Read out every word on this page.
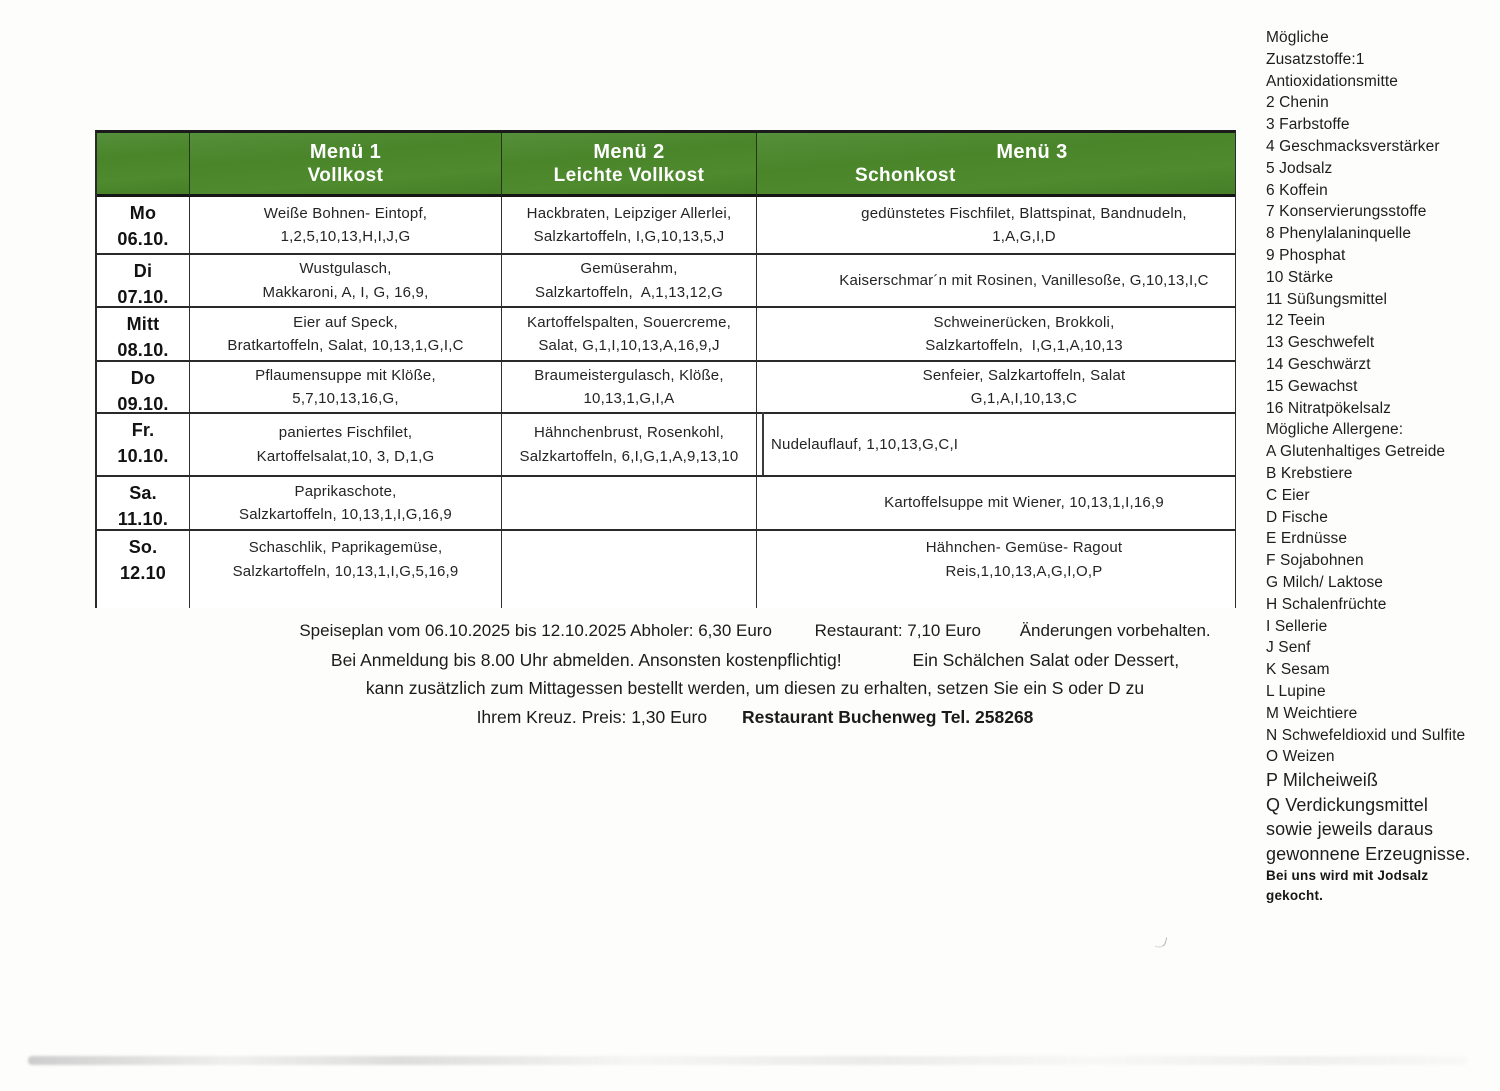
Menü 1
Vollkost
Menü 2
Leichte Vollkost
Menü 3
Schonkost
Mo
06.10.
Weiße Bohnen- Eintopf,
1,2,5,10,13,H,I,J,G
Hackbraten, Leipziger Allerlei,
Salzkartoffeln, I,G,10,13,5,J
gedünstetes Fischfilet, Blattspinat, Bandnudeln,
1,A,G,I,D
Di
07.10.
Wustgulasch,
Makkaroni, A, I, G, 16,9,
Gemüserahm,
Salzkartoffeln,  A,1,13,12,G
Kaiserschmar´n mit Rosinen, Vanillesoße, G,10,13,I,C
Mitt
08.10.
Eier auf Speck,
Bratkartoffeln, Salat, 10,13,1,G,I,C
Kartoffelspalten, Souercreme,
Salat, G,1,I,10,13,A,16,9,J
Schweinerücken, Brokkoli,
Salzkartoffeln,  I,G,1,A,10,13
Do
09.10.
Pflaumensuppe mit Klöße,
5,7,10,13,16,G,
Braumeistergulasch, Klöße,
10,13,1,G,I,A
Senfeier, Salzkartoffeln, Salat
G,1,A,I,10,13,C
Fr.
10.10.
paniertes Fischfilet,
Kartoffelsalat,10, 3, D,1,G
Hähnchenbrust, Rosenkohl,
Salzkartoffeln, 6,I,G,1,A,9,13,10
Nudelauflauf, 1,10,13,G,C,I
Sa.
11.10.
Paprikaschote,
Salzkartoffeln, 10,13,1,I,G,16,9
Kartoffelsuppe mit Wiener, 10,13,1,I,16,9
So.
12.10
Schaschlik, Paprikagemüse,
Salzkartoffeln, 10,13,1,I,G,5,16,9
Hähnchen- Gemüse- Ragout
Reis,1,10,13,A,G,I,O,P
Speiseplan vom 06.10.2025 bis 12.10.2025 Abholer: 6,30 Euro	Restaurant: 7,10 Euro Änderungen vorbehalten.
Bei Anmeldung bis 8.00 Uhr abmelden. Ansonsten kostenpflichtig!	Ein Schälchen Salat oder Dessert,
kann zusätzlich zum Mittagessen bestellt werden, um diesen zu erhalten, setzen Sie ein S oder D zu
Ihrem Kreuz. Preis: 1,30 Euro Restaurant Buchenweg Tel. 258268
Mögliche
Zusatzstoffe:1
Antioxidationsmitte
2 Chenin
3 Farbstoffe
4 Geschmacksverstärker
5 Jodsalz
6 Koffein
7 Konservierungsstoffe
8 Phenylalaninquelle
9 Phosphat
10 Stärke
11 Süßungsmittel
12 Teein
13 Geschwefelt
14 Geschwärzt
15 Gewachst
16 Nitratpökelsalz
Mögliche Allergene:
A Glutenhaltiges Getreide
B Krebstiere
C Eier
D Fische
E Erdnüsse
F Sojabohnen
G Milch/ Laktose
H Schalenfrüchte
I Sellerie
J Senf
K Sesam
L Lupine
M Weichtiere
N Schwefeldioxid und Sulfite
O Weizen
P Milcheiweiß
Q Verdickungsmittel
sowie jeweils daraus
gewonnene Erzeugnisse.
Bei uns wird mit Jodsalz
gekocht.
